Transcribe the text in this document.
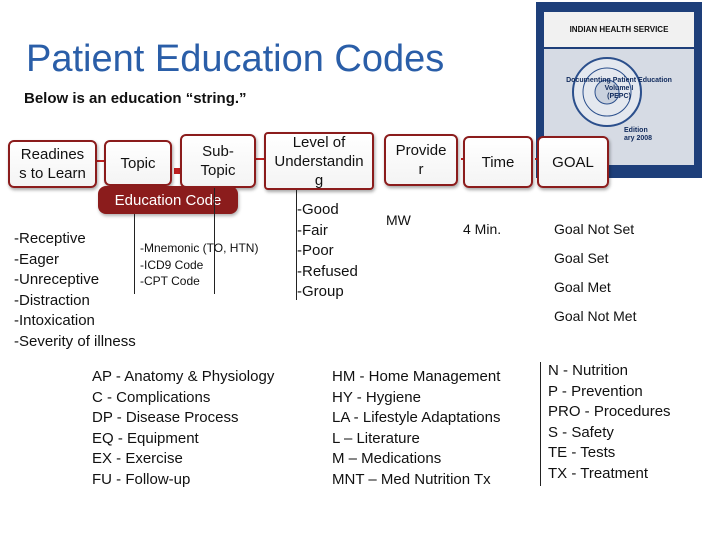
Patient Education Codes
Below is an education “string.”
INDIAN HEALTH SERVICE
Documenting Patient Education
Volume I
(PEPC)
Edition
ary 2008
Readines
s to Learn
Topic
Sub-
Topic
Level of
Understandin
g
Provide
r	Time	GOAL
Education Code
-Receptive
-Eager
-Unreceptive
-Distraction
-Intoxication
-Severity of illness
-Mnemonic (TO, HTN)
-ICD9 Code
-CPT Code
-Good
-Fair
-Poor
-Refused
-Group
MW
4 Min.	Goal Not Set
Goal Set
Goal Met
Goal Not Met
AP - Anatomy & Physiology
C - Complications
DP - Disease Process
EQ - Equipment
EX - Exercise
FU - Follow-up
HM - Home Management
HY - Hygiene
LA - Lifestyle Adaptations
L – Literature
M – Medications
MNT – Med Nutrition Tx
N - Nutrition
P - Prevention
PRO - Procedures
S - Safety
TE - Tests
TX - Treatment
